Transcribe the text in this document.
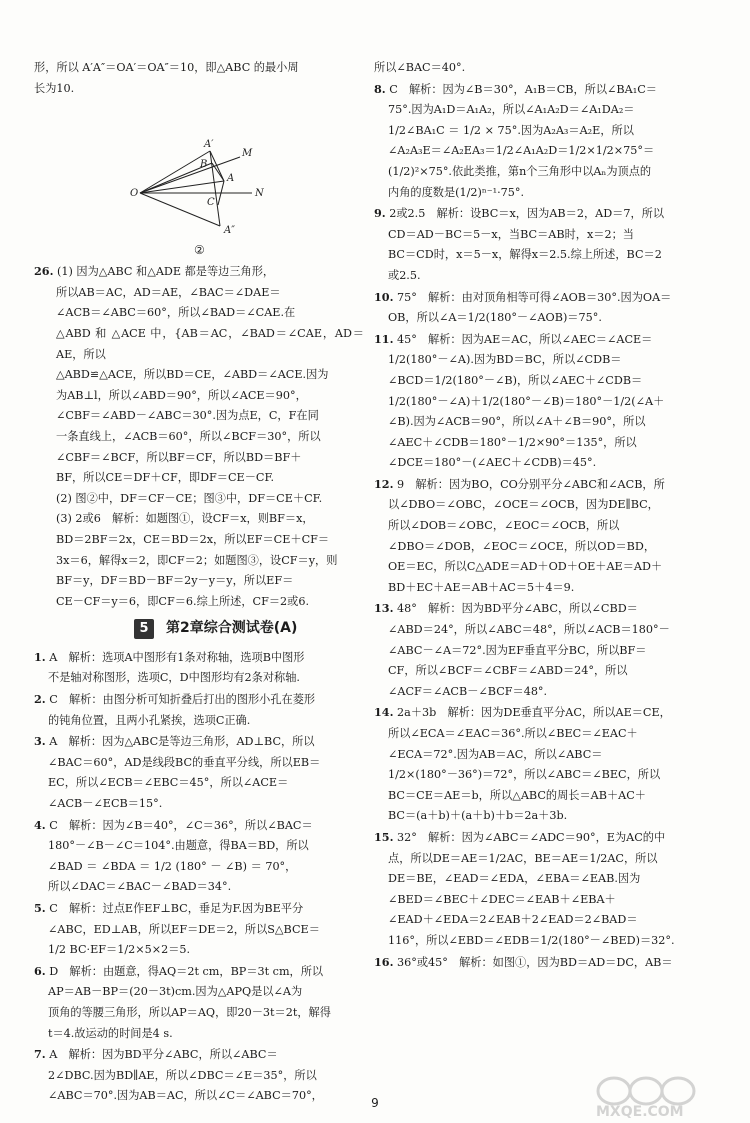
形，所以 A′A″＝OA′＝OA″＝10，即△ABC 的最小周

长为10.

A′
M
B
A
O
C
N
A″
②

26. (1) 因为△ABC 和△ADE 都是等边三角形，

所以AB＝AC，AD＝AE，∠BAC＝∠DAE＝

∠ACB＝∠ABC＝60°，所以∠BAD＝∠CAE.在

△ABD 和 △ACE 中，{AB＝AC，∠BAD＝∠CAE，AD＝AE，所以

△ABD≌△ACE，所以BD＝CE，∠ABD＝∠ACE.因为

为AB⊥l，所以∠ABD＝90°，所以∠ACE＝90°，

∠CBF＝∠ABD－∠ABC＝30°.因为点E，C，F在同

一条直线上，∠ACB＝60°，所以∠BCF＝30°，所以

∠CBF＝∠BCF，所以BF＝CF，所以BD＝BF＋

BF，所以CE＝DF＋CF，即DF＝CE－CF.

(2) 图②中，DF＝CF－CE；图③中，DF＝CE＋CF.

(3) 2或6　解析：如题图①，设CF＝x，则BF＝x，

BD＝2BF＝2x，CE＝BD＝2x，所以EF＝CE＋CF＝

3x＝6，解得x＝2，即CF＝2；如题图③，设CF＝y，则

BF＝y，DF＝BD－BF＝2y－y＝y，所以EF＝

CE－CF＝y＝6，即CF＝6.综上所述，CF＝2或6.

5	第2章综合测试卷(A)

1. A　解析：选项A中图形有1条对称轴，选项B中图形

不是轴对称图形，选项C，D中图形均有2条对称轴.

2. C　解析：由图分析可知折叠后打出的图形小孔在菱形

的钝角位置，且两小孔紧挨，选项C正确.

3. A　解析：因为△ABC是等边三角形，AD⊥BC，所以

∠BAC＝60°，AD是线段BC的垂直平分线，所以EB＝

EC，所以∠ECB＝∠EBC＝45°，所以∠ACE＝

∠ACB－∠ECB＝15°.

4. C　解析：因为∠B＝40°，∠C＝36°，所以∠BAC＝

180°－∠B－∠C＝104°.由题意，得BA＝BD，所以

∠BAD ＝ ∠BDA ＝ 1/2 (180° － ∠B) ＝ 70°，

所以∠DAC＝∠BAC－∠BAD＝34°.

5. C　解析：过点E作EF⊥BC，垂足为F.因为BE平分

∠ABC，ED⊥AB，所以EF＝DE＝2，所以S△BCE＝

1/2 BC·EF＝1/2×5×2＝5.

6. D　解析：由题意，得AQ＝2t cm，BP＝3t cm，所以

AP＝AB－BP＝(20－3t)cm.因为△APQ是以∠A为

顶角的等腰三角形，所以AP＝AQ，即20－3t＝2t，解得

t＝4.故运动的时间是4 s.

7. A　解析：因为BD平分∠ABC，所以∠ABC＝

2∠DBC.因为BD∥AE，所以∠DBC＝∠E＝35°，所以

∠ABC＝70°.因为AB＝AC，所以∠C＝∠ABC＝70°，

所以∠BAC＝40°.

8. C　解析：因为∠B＝30°，A₁B＝CB，所以∠BA₁C＝

75°.因为A₁D＝A₁A₂，所以∠A₁A₂D＝∠A₁DA₂＝

1/2∠BA₁C ＝ 1/2 × 75°.因为A₂A₃＝A₂E，所以

∠A₂A₃E＝∠A₂EA₃＝1/2∠A₁A₂D＝1/2×1/2×75°＝

(1/2)²×75°.依此类推，第n个三角形中以Aₙ为顶点的

内角的度数是(1/2)ⁿ⁻¹·75°.

9. 2或2.5　解析：设BC＝x，因为AB＝2，AD＝7，所以

CD＝AD－BC＝5－x，当BC＝AB时，x＝2；当

BC＝CD时，x＝5－x，解得x＝2.5.综上所述，BC＝2

或2.5.

10. 75°　解析：由对顶角相等可得∠AOB＝30°.因为OA＝

OB，所以∠A＝1/2(180°－∠AOB)＝75°.

11. 45°　解析：因为AE＝AC，所以∠AEC＝∠ACE＝

1/2(180°－∠A).因为BD＝BC，所以∠CDB＝

∠BCD＝1/2(180°－∠B)，所以∠AEC＋∠CDB＝

1/2(180°－∠A)＋1/2(180°－∠B)＝180°－1/2(∠A＋

∠B).因为∠ACB＝90°，所以∠A＋∠B＝90°，所以

∠AEC＋∠CDB＝180°－1/2×90°＝135°，所以

∠DCE＝180°－(∠AEC＋∠CDB)＝45°.

12. 9　解析：因为BO，CO分别平分∠ABC和∠ACB，所

以∠DBO＝∠OBC，∠OCE＝∠OCB，因为DE∥BC，

所以∠DOB＝∠OBC，∠EOC＝∠OCB，所以

∠DBO＝∠DOB，∠EOC＝∠OCE，所以OD＝BD，

OE＝EC，所以C△ADE＝AD＋OD＋OE＋AE＝AD＋

BD＋EC＋AE＝AB＋AC＝5＋4＝9.

13. 48°　解析：因为BD平分∠ABC，所以∠CBD＝

∠ABD＝24°，所以∠ABC＝48°，所以∠ACB＝180°－

∠ABC－∠A＝72°.因为EF垂直平分BC，所以BF＝

CF，所以∠BCF＝∠CBF＝∠ABD＝24°，所以

∠ACF＝∠ACB－∠BCF＝48°.

14. 2a＋3b　解析：因为DE垂直平分AC，所以AE＝CE，

所以∠ECA＝∠EAC＝36°.所以∠BEC＝∠EAC＋

∠ECA＝72°.因为AB＝AC，所以∠ABC＝

1/2×(180°－36°)＝72°，所以∠ABC＝∠BEC，所以

BC＝CE＝AE＝b，所以△ABC的周长＝AB＋AC＋

BC＝(a＋b)＋(a＋b)＋b＝2a＋3b.

15. 32°　解析：因为∠ABC＝∠ADC＝90°，E为AC的中

点，所以DE＝AE＝1/2AC，BE＝AE＝1/2AC，所以

DE＝BE，∠EAD＝∠EDA，∠EBA＝∠EAB.因为

∠BED＝∠BEC＋∠DEC＝∠EAB＋∠EBA＋

∠EAD＋∠EDA＝2∠EAB＋2∠EAD＝2∠BAD＝

116°，所以∠EBD＝∠EDB＝1/2(180°－∠BED)＝32°.

16. 36°或45°　解析：如图①，因为BD＝AD＝DC，AB＝

9
MXQE.COM
